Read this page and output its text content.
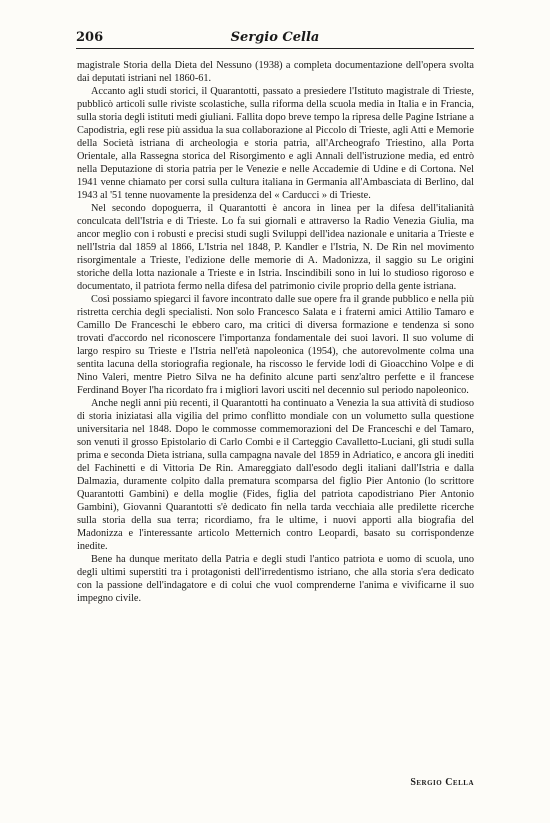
206	Sergio Cella

magistrale Storia della Dieta del Nessuno (1938) a completa documentazione dell'opera svolta dai deputati istriani nel 1860-61.

Accanto agli studi storici, il Quarantotti, passato a presiedere l'Istituto magistrale di Trieste, pubblicò articoli sulle riviste scolastiche, sulla riforma della scuola media in Italia e in Francia, sulla storia degli istituti medi giuliani. Fallita dopo breve tempo la ripresa delle Pagine Istriane a Capodistria, egli rese più assidua la sua collaborazione al Piccolo di Trieste, agli Atti e Memorie della Società istriana di archeologia e storia patria, all'Archeografo Triestino, alla Porta Orientale, alla Rassegna storica del Risorgimento e agli Annali dell'istruzione media, ed entrò nella Deputazione di storia patria per le Venezie e nelle Accademie di Udine e di Cortona. Nel 1941 venne chiamato per corsi sulla cultura italiana in Germania all'Ambasciata di Berlino, dal 1943 al '51 tenne nuovamente la presidenza del « Carducci » di Trieste.

Nel secondo dopoguerra, il Quarantotti è ancora in linea per la difesa dell'italianità conculcata dell'Istria e di Trieste. Lo fa sui giornali e attraverso la Radio Venezia Giulia, ma ancor meglio con i robusti e precisi studi sugli Sviluppi dell'idea nazionale e unitaria a Trieste e nell'Istria dal 1859 al 1866, L'Istria nel 1848, P. Kandler e l'Istria, N. De Rin nel movimento risorgimentale a Trieste, l'edizione delle memorie di A. Madonizza, il saggio su Le origini storiche della lotta nazionale a Trieste e in Istria. Inscindibili sono in lui lo studioso rigoroso e documentato, il patriota fermo nella difesa del patrimonio civile proprio della gente istriana.

Così possiamo spiegarci il favore incontrato dalle sue opere fra il grande pubblico e nella più ristretta cerchia degli specialisti. Non solo Francesco Salata e i fraterni amici Attilio Tamaro e Camillo De Franceschi le ebbero caro, ma critici di diversa formazione e tendenza si sono trovati d'accordo nel riconoscere l'importanza fondamentale dei suoi lavori. Il suo volume di largo respiro su Trieste e l'Istria nell'età napoleonica (1954), che autorevolmente colma una sentita lacuna della storiografia regionale, ha riscosso le fervide lodi di Gioacchino Volpe e di Nino Valeri, mentre Pietro Silva ne ha definito alcune parti senz'altro perfette e il francese Ferdinand Boyer l'ha ricordato fra i migliori lavori usciti nel decennio sul periodo napoleonico.

Anche negli anni più recenti, il Quarantotti ha continuato a Venezia la sua attività di studioso di storia iniziatasi alla vigilia del primo conflitto mondiale con un volumetto sulla questione universitaria nel 1848. Dopo le commosse commemorazioni del De Franceschi e del Tamaro, son venuti il grosso Epistolario di Carlo Combi e il Carteggio Cavalletto-Luciani, gli studi sulla prima e seconda Dieta istriana, sulla campagna navale del 1859 in Adriatico, e ancora gli inediti del Fachinetti e di Vittoria De Rin. Amareggiato dall'esodo degli italiani dall'Istria e dalla Dalmazia, duramente colpito dalla prematura scomparsa del figlio Pier Antonio (lo scrittore Quarantotti Gambini) e della moglie (Fides, figlia del patriota capodistriano Pier Antonio Gambini), Giovanni Quarantotti s'è dedicato fin nella tarda vecchiaia alle predilette ricerche sulla storia della sua terra; ricordiamo, fra le ultime, i nuovi apporti alla biografia del Madonizza e l'interessante articolo Metternich contro Leopardi, basato su corrispondenze inedite.

Bene ha dunque meritato della Patria e degli studi l'antico patriota e uomo di scuola, uno degli ultimi superstiti tra i protagonisti dell'irredentismo istriano, che alla storia s'era dedicato con la passione dell'indagatore e di colui che vuol comprenderne l'anima e vivificarne il suo impegno civile.

Sergio Cella
